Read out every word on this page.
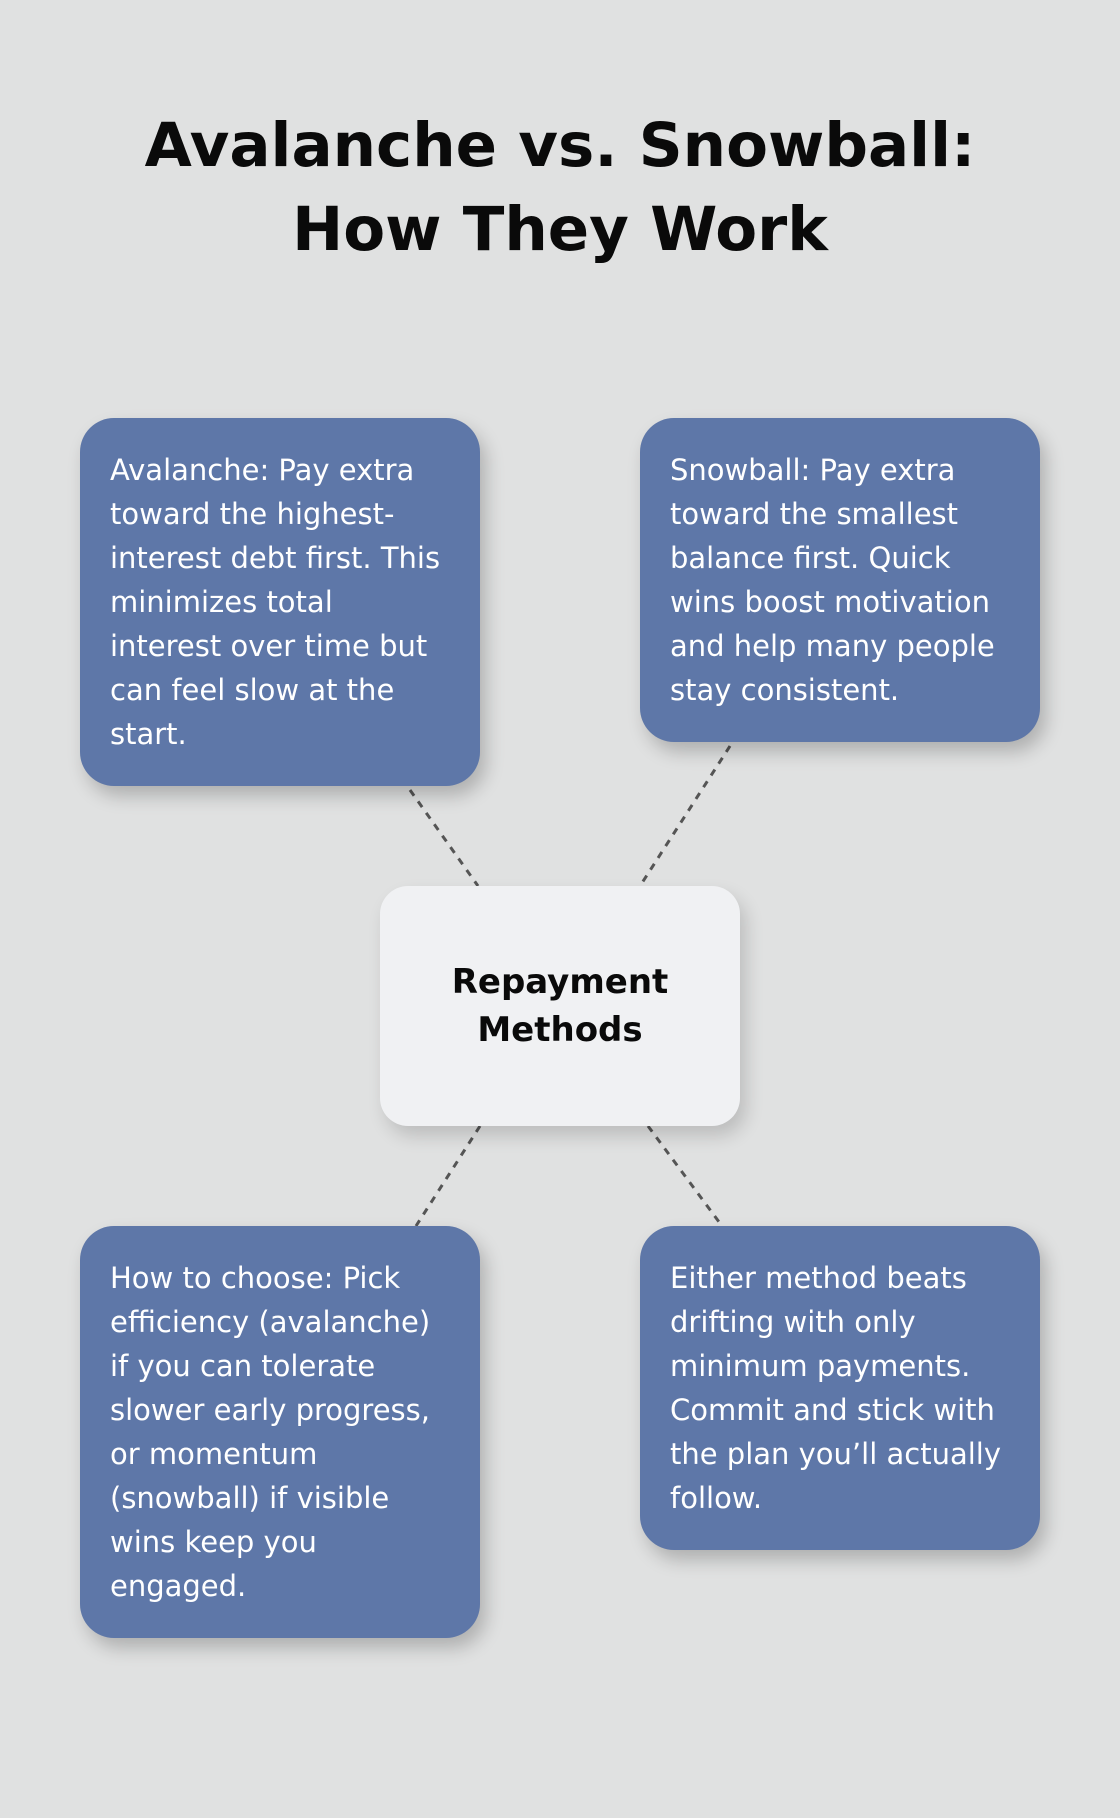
Avalanche vs. Snowball: How They Work

Avalanche: Pay extra toward the highest-interest debt first. This minimizes total interest over time but can feel slow at the start.

Snowball: Pay extra toward the smallest balance first. Quick wins boost motivation and help many people stay consistent.

Repayment Methods

How to choose: Pick efficiency (avalanche) if you can tolerate slower early progress, or momentum (snowball) if visible wins keep you engaged.

Either method beats drifting with only minimum payments. Commit and stick with the plan you’ll actually follow.
